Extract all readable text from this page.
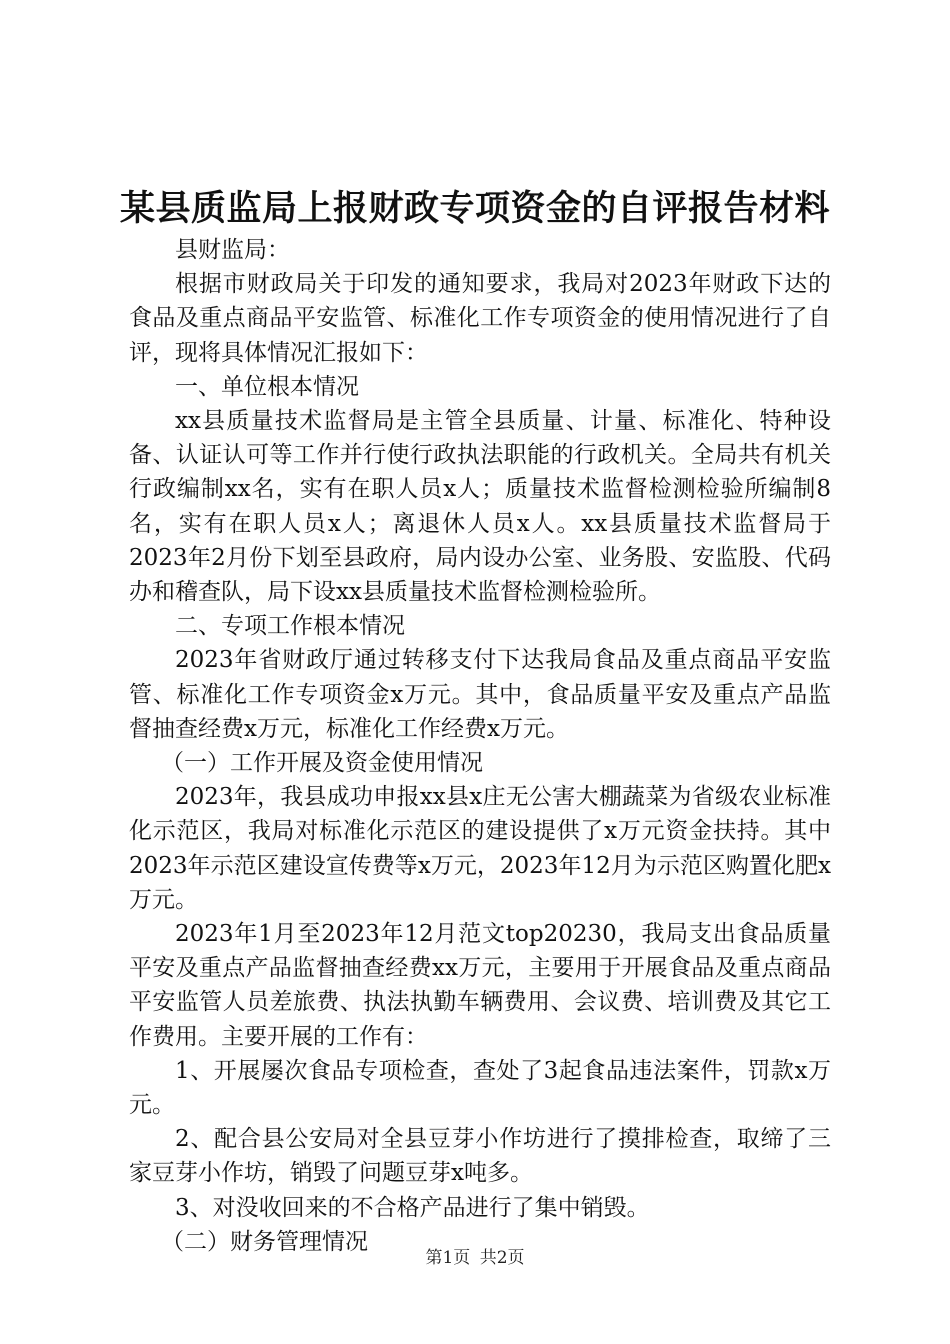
某县质监局上报财政专项资金的自评报告材料

县财监局：

根据市财政局关于印发的通知要求，我局对2023年财政下达的食品及重点商品平安监管、标准化工作专项资金的使用情况进行了自评，现将具体情况汇报如下：

一、单位根本情况

xx县质量技术监督局是主管全县质量、计量、标准化、特种设备、认证认可等工作并行使行政执法职能的行政机关。全局共有机关行政编制xx名，实有在职人员x人；质量技术监督检测检验所编制8名，实有在职人员x人；离退休人员x人。xx县质量技术监督局于2023年2月份下划至县政府，局内设办公室、业务股、安监股、代码办和稽查队，局下设xx县质量技术监督检测检验所。

二、专项工作根本情况

2023年省财政厅通过转移支付下达我局食品及重点商品平安监管、标准化工作专项资金x万元。其中，食品质量平安及重点产品监督抽查经费x万元，标准化工作经费x万元。

（一）工作开展及资金使用情况

2023年，我县成功申报xx县x庄无公害大棚蔬菜为省级农业标准化示范区，我局对标准化示范区的建设提供了x万元资金扶持。其中2023年示范区建设宣传费等x万元，2023年12月为示范区购置化肥x万元。

2023年1月至2023年12月范文top20230，我局支出食品质量平安及重点产品监督抽查经费xx万元，主要用于开展食品及重点商品平安监管人员差旅费、执法执勤车辆费用、会议费、培训费及其它工作费用。主要开展的工作有：

1、开展屡次食品专项检查，查处了3起食品违法案件，罚款x万元。

2、配合县公安局对全县豆芽小作坊进行了摸排检查，取缔了三家豆芽小作坊，销毁了问题豆芽x吨多。

3、对没收回来的不合格产品进行了集中销毁。

（二）财务管理情况

第1页 共2页
